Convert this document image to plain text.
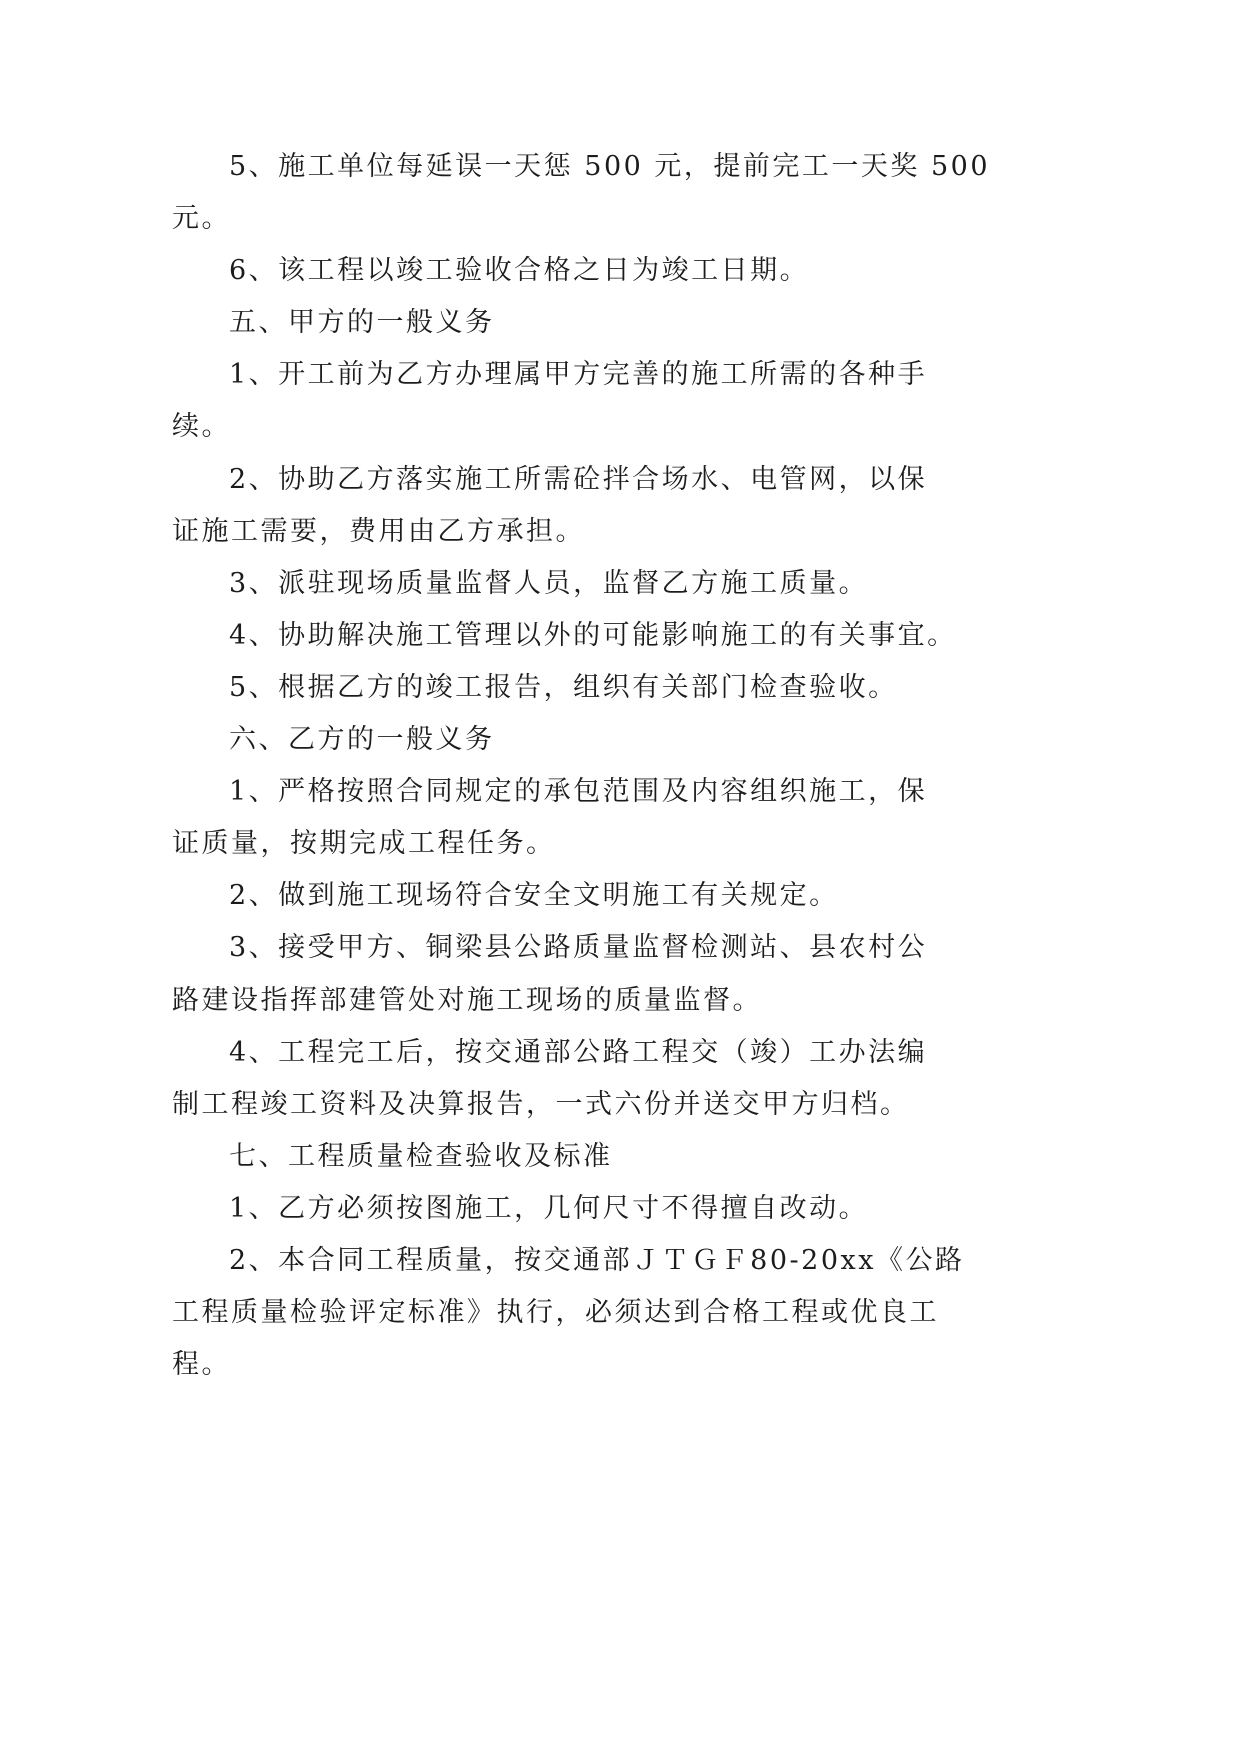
5、施工单位每延误一天惩 500 元，提前完工一天奖 500
元。
6、该工程以竣工验收合格之日为竣工日期。
五、甲方的一般义务
1、开工前为乙方办理属甲方完善的施工所需的各种手
续。
2、协助乙方落实施工所需砼拌合场水、电管网，以保
证施工需要，费用由乙方承担。
3、派驻现场质量监督人员，监督乙方施工质量。
4、协助解决施工管理以外的可能影响施工的有关事宜。
5、根据乙方的竣工报告，组织有关部门检查验收。
六、乙方的一般义务
1、严格按照合同规定的承包范围及内容组织施工，保
证质量，按期完成工程任务。
2、做到施工现场符合安全文明施工有关规定。
3、接受甲方、铜梁县公路质量监督检测站、县农村公
路建设指挥部建管处对施工现场的质量监督。
4、工程完工后，按交通部公路工程交（竣）工办法编
制工程竣工资料及决算报告，一式六份并送交甲方归档。
七、工程质量检查验收及标准
1、乙方必须按图施工，几何尺寸不得擅自改动。
2、本合同工程质量，按交通部ＪＴＧＦ80-20xx《公路
工程质量检验评定标准》执行，必须达到合格工程或优良工
程。
